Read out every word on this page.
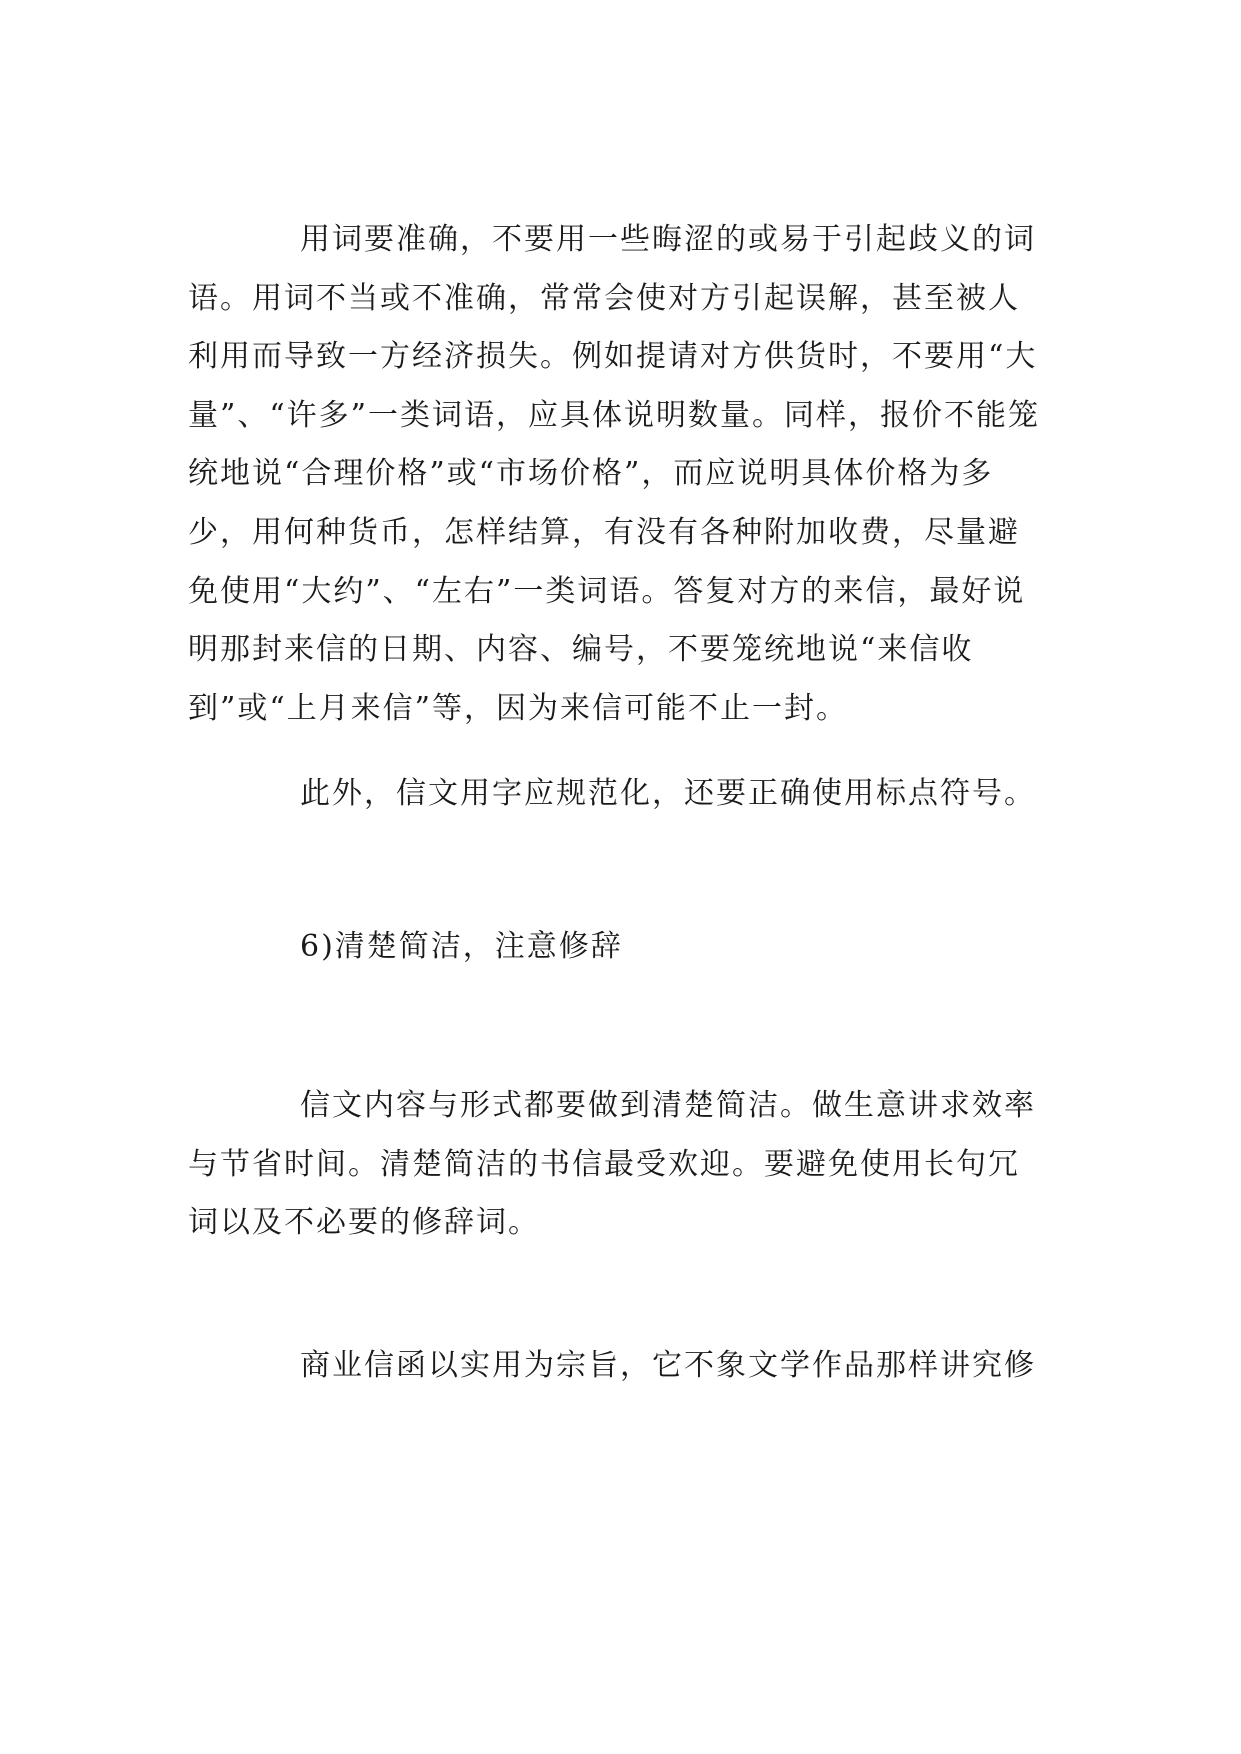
用词要准确，不要用一些晦涩的或易于引起歧义的词语。用词不当或不准确，常常会使对方引起误解，甚至被人利用而导致一方经济损失。例如提请对方供货时，不要用“大量”、“许多”一类词语，应具体说明数量。同样，报价不能笼统地说“合理价格”或“市场价格”，而应说明具体价格为多少，用何种货币，怎样结算，有没有各种附加收费，尽量避免使用“大约”、“左右”一类词语。答复对方的来信，最好说明那封来信的日期、内容、编号，不要笼统地说“来信收到”或“上月来信”等，因为来信可能不止一封。

此外，信文用字应规范化，还要正确使用标点符号。

6)清楚简洁，注意修辞

信文内容与形式都要做到清楚简洁。做生意讲求效率与节省时间。清楚简洁的书信最受欢迎。要避免使用长句冗词以及不必要的修辞词。

商业信函以实用为宗旨，它不象文学作品那样讲究修
